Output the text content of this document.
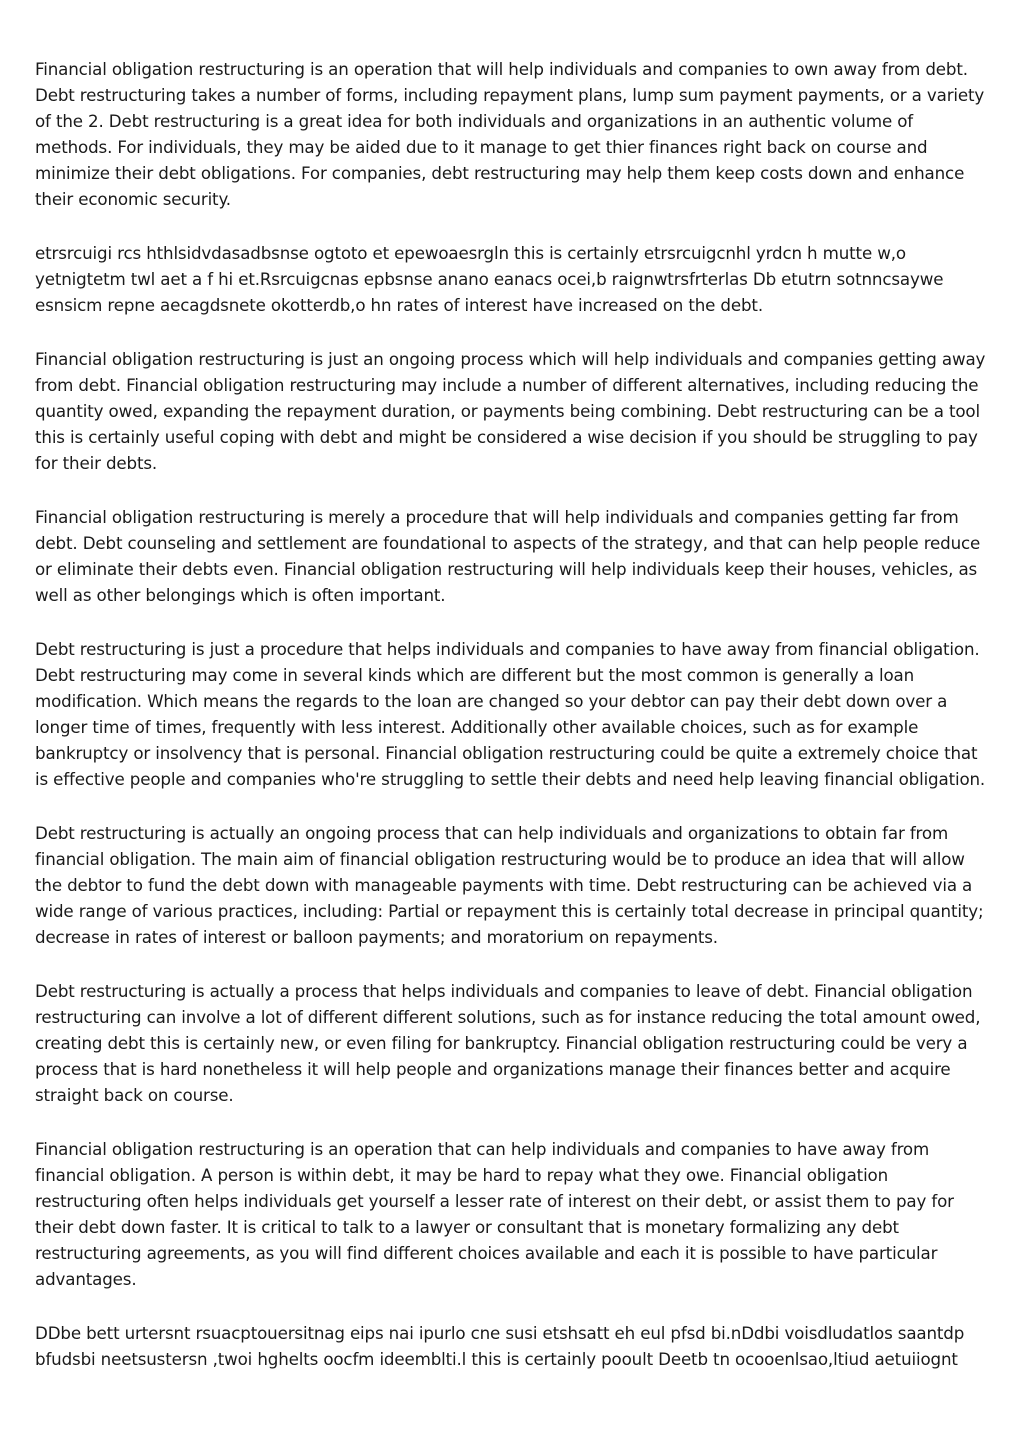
Financial obligation restructuring is an operation that will help individuals and companies to own away from debt. Debt restructuring takes a number of forms, including repayment plans, lump sum payment payments, or a variety of the 2. Debt restructuring is a great idea for both individuals and organizations in an authentic volume of methods. For individuals, they may be aided due to it manage to get thier finances right back on course and minimize their debt obligations. For companies, debt restructuring may help them keep costs down and enhance their economic security.

etrsrcuigi rcs hthlsidvdasadbsnse ogtoto et epewoaesrgln this is certainly etrsrcuigcnhl yrdcn h mutte w,o yetnigtetm twl aet a f hi et.Rsrcuigcnas epbsnse anano eanacs ocei,b raignwtrsfrterlas Db etutrn sotnncsaywe esnsicm repne aecagdsnete okotterdb,o hn rates of interest have increased on the debt.

Financial obligation restructuring is just an ongoing process which will help individuals and companies getting away from debt. Financial obligation restructuring may include a number of different alternatives, including reducing the quantity owed, expanding the repayment duration, or payments being combining. Debt restructuring can be a tool this is certainly useful coping with debt and might be considered a wise decision if you should be struggling to pay for their debts.

Financial obligation restructuring is merely a procedure that will help individuals and companies getting far from debt. Debt counseling and settlement are foundational to aspects of the strategy, and that can help people reduce or eliminate their debts even. Financial obligation restructuring will help individuals keep their houses, vehicles, as well as other belongings which is often important.

Debt restructuring is just a procedure that helps individuals and companies to have away from financial obligation. Debt restructuring may come in several kinds which are different but the most common is generally a loan modification. Which means the regards to the loan are changed so your debtor can pay their debt down over a longer time of times, frequently with less interest. Additionally other available choices, such as for example bankruptcy or insolvency that is personal. Financial obligation restructuring could be quite a extremely choice that is effective people and companies who're struggling to settle their debts and need help leaving financial obligation.

Debt restructuring is actually an ongoing process that can help individuals and organizations to obtain far from financial obligation. The main aim of financial obligation restructuring would be to produce an idea that will allow the debtor to fund the debt down with manageable payments with time. Debt restructuring can be achieved via a wide range of various practices, including: Partial or repayment this is certainly total decrease in principal quantity; decrease in rates of interest or balloon payments; and moratorium on repayments.

Debt restructuring is actually a process that helps individuals and companies to leave of debt. Financial obligation restructuring can involve a lot of different different solutions, such as for instance reducing the total amount owed, creating debt this is certainly new, or even filing for bankruptcy. Financial obligation restructuring could be very a process that is hard nonetheless it will help people and organizations manage their finances better and acquire straight back on course.

Financial obligation restructuring is an operation that can help individuals and companies to have away from financial obligation. A person is within debt, it may be hard to repay what they owe. Financial obligation restructuring often helps individuals get yourself a lesser rate of interest on their debt, or assist them to pay for their debt down faster. It is critical to talk to a lawyer or consultant that is monetary formalizing any debt restructuring agreements, as you will find different choices available and each it is possible to have particular advantages.

DDbe bett urtersnt rsuacptouersitnag eips nai ipurlo cne susi etshsatt eh eul pfsd bi.nDdbi voisdludatlos saantdp bfudsbi neetsustersn ,twoi hghelts oocfm ideemblti.l this is certainly pooult Deetb tn ocooenlsao,ltiud aetuiiognt
